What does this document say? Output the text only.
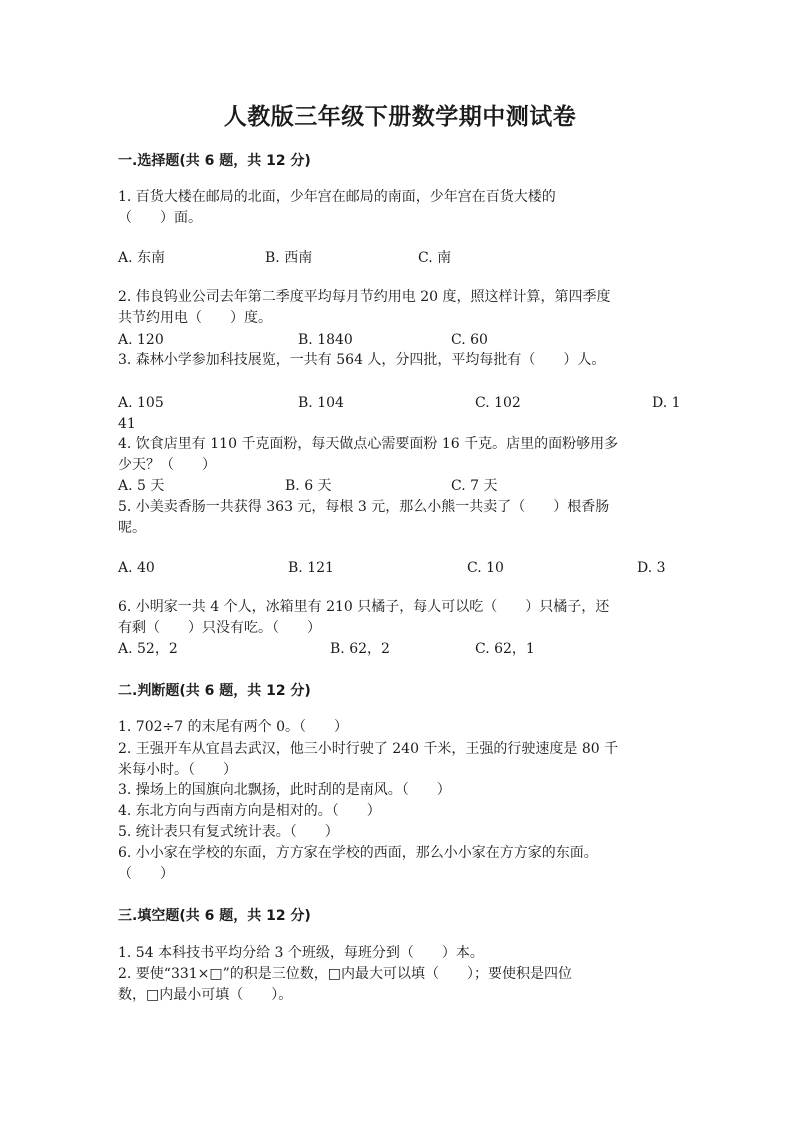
人教版三年级下册数学期中测试卷
一.选择题(共 6 题，共 12 分)
1. 百货大楼在邮局的北面，少年宫在邮局的南面，少年宫在百货大楼的
（　　）面。
A. 东南	B. 西南	C. 南
2. 伟良钨业公司去年第二季度平均每月节约用电 20 度，照这样计算，第四季度
共节约用电（　　）度。
A. 120	B. 1840	C. 60
3. 森林小学参加科技展览，一共有 564 人，分四批，平均每批有（　　）人。
A. 105	B. 104	C. 102	D. 1
41
4. 饮食店里有 110 千克面粉，每天做点心需要面粉 16 千克。店里的面粉够用多
少天？（　　）
A. 5 天	B. 6 天	C. 7 天
5. 小美卖香肠一共获得 363 元，每根 3 元，那么小熊一共卖了（　　）根香肠
呢。
A. 40	B. 121	C. 10	D. 3
6. 小明家一共 4 个人，冰箱里有 210 只橘子，每人可以吃（　　）只橘子，还
有剩（　　）只没有吃。（　　）
A. 52，2	B. 62，2	C. 62，1
二.判断题(共 6 题，共 12 分)
1. 702÷7 的末尾有两个 0。（　　）
2. 王强开车从宜昌去武汉，他三小时行驶了 240 千米，王强的行驶速度是 80 千
米每小时。（　　）
3. 操场上的国旗向北飘扬，此时刮的是南风。（　　）
4. 东北方向与西南方向是相对的。（　　）
5. 统计表只有复式统计表。（　　）
6. 小小家在学校的东面，方方家在学校的西面，那么小小家在方方家的东面。
（　　）
三.填空题(共 6 题，共 12 分)
1. 54 本科技书平均分给 3 个班级，每班分到（　　）本。
2. 要使“331×□”的积是三位数，□内最大可以填（　　）；要使积是四位
数，□内最小可填（　　）。
